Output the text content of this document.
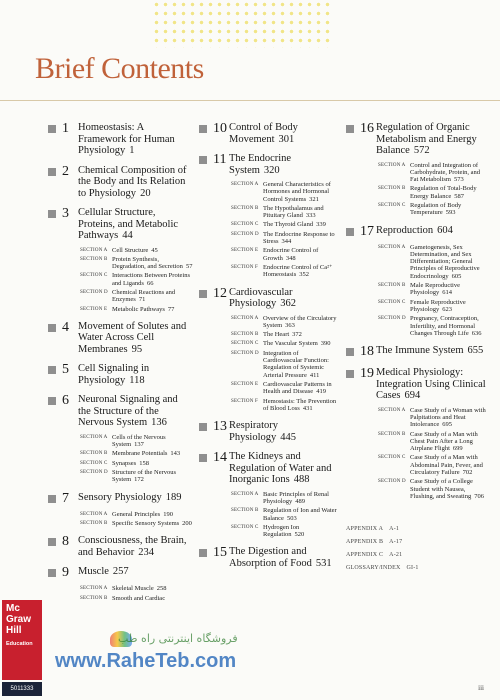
Brief Contents
1 Homeostasis: A Framework for Human Physiology 1
2 Chemical Composition of the Body and Its Relation to Physiology 20
3 Cellular Structure, Proteins, and Metabolic Pathways 44
SECTION A Cell Structure 45
SECTION B Protein Synthesis, Degradation, and Secretion 57
SECTION C Interactions Between Proteins and Ligands 66
SECTION D Chemical Reactions and Enzymes 71
SECTION E Metabolic Pathways 77
4 Movement of Solutes and Water Across Cell Membranes 95
5 Cell Signaling in Physiology 118
6 Neuronal Signaling and the Structure of the Nervous System 136
SECTION A Cells of the Nervous System 137
SECTION B Membrane Potentials 143
SECTION C Synapses 158
SECTION D Structure of the Nervous System 172
7 Sensory Physiology 189
SECTION A General Principles 190
SECTION B Specific Sensory Systems 200
8 Consciousness, the Brain, and Behavior 234
9 Muscle 257
SECTION A Skeletal Muscle 258
SECTION B Smooth and Cardiac
10 Control of Body Movement 301
11 The Endocrine System 320
SECTION A General Characteristics of Hormones and Hormonal Control Systems 321
SECTION B The Hypothalamus and Pituitary Gland 333
SECTION C The Thyroid Gland 339
SECTION D The Endocrine Response to Stress 344
SECTION E Endocrine Control of Growth 348
SECTION F Endocrine Control of Ca²⁺ Homeostasis 352
12 Cardiovascular Physiology 362
SECTION A Overview of the Circulatory System 363
SECTION B The Heart 372
SECTION C The Vascular System 390
SECTION D Integration of Cardiovascular Function: Regulation of Systemic Arterial Pressure 411
SECTION E Cardiovascular Patterns in Health and Disease 419
SECTION F Hemostasis: The Prevention of Blood Loss 431
13 Respiratory Physiology 445
14 The Kidneys and Regulation of Water and Inorganic Ions 488
SECTION A Basic Principles of Renal Physiology 489
SECTION B Regulation of Ion and Water Balance 503
SECTION C Hydrogen Ion Regulation 520
15 The Digestion and Absorption of Food 531
16 Regulation of Organic Metabolism and Energy Balance 572
SECTION A Control and Integration of Carbohydrate, Protein, and Fat Metabolism 573
SECTION B Regulation of Total-Body Energy Balance 587
SECTION C Regulation of Body Temperature 593
17 Reproduction 604
SECTION A Gametogenesis, Sex Determination, and Sex Differentiation; General Principles of Reproductive Endocrinology 605
SECTION B Male Reproductive Physiology 614
SECTION C Female Reproductive Physiology 623
SECTION D Pregnancy, Contraception, Infertility, and Hormonal Changes Through Life 636
18 The Immune System 655
19 Medical Physiology: Integration Using Clinical Cases 694
SECTION A Case Study of a Woman with Palpitations and Heat Intolerance 695
SECTION B Case Study of a Man with Chest Pain After a Long Airplane Flight 699
SECTION C Case Study of a Man with Abdominal Pain, Fever, and Circulatory Failure 702
SECTION D Case Study of a College Student with Nausea, Flushing, and Sweating 706
APPENDIX A A-1
APPENDIX B A-17
APPENDIX C A-21
GLOSSARY/INDEX GI-1
Mc
Graw
Hill
Education
5011333
فروشگاه اینترنتی راه طب
www.RaheTeb.com
iii
